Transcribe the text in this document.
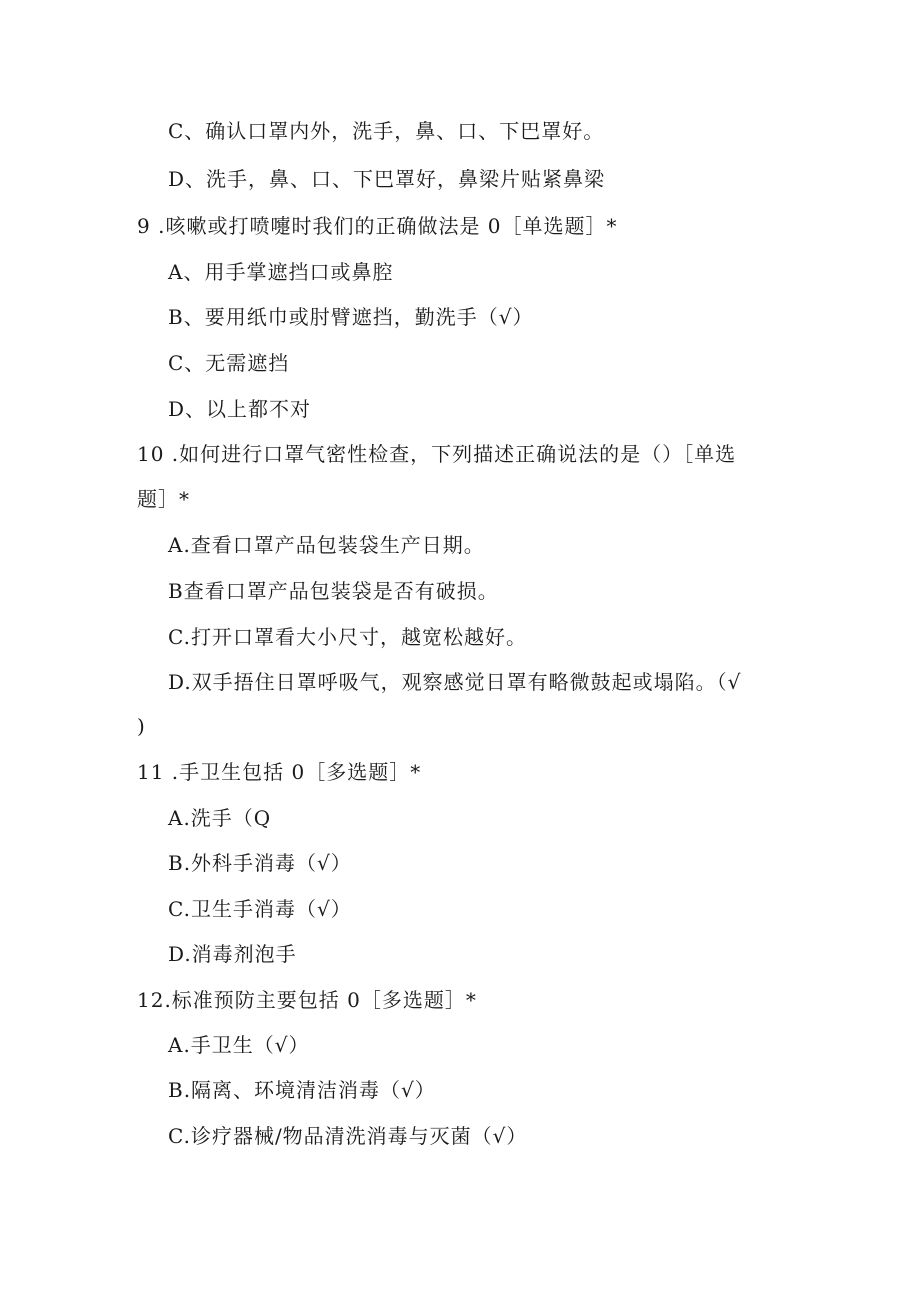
C、确认口罩内外，洗手，鼻、口、下巴罩好。
D、洗手，鼻、口、下巴罩好，鼻梁片贴紧鼻梁
9 .咳嗽或打喷嚏时我们的正确做法是 0［单选题］*
A、用手掌遮挡口或鼻腔
B、要用纸巾或肘臂遮挡，勤洗手（√）
C、无需遮挡
D、以上都不对
10 .如何进行口罩气密性检查，下列描述正确说法的是（）［单选
题］*
A.查看口罩产品包装袋生产日期。
B查看口罩产品包装袋是否有破损。
C.打开口罩看大小尺寸，越宽松越好。
D.双手捂住日罩呼吸气，观察感觉日罩有略微鼓起或塌陷。（√
)
11 .手卫生包括 0［多选题］*
A.洗手（Q
B.外科手消毒（√）
C.卫生手消毒（√）
D.消毒剂泡手
12.标准预防主要包括 0［多选题］*
A.手卫生（√）
B.隔离、环境清洁消毒（√）
C.诊疗器械/物品清洗消毒与灭菌（√）
